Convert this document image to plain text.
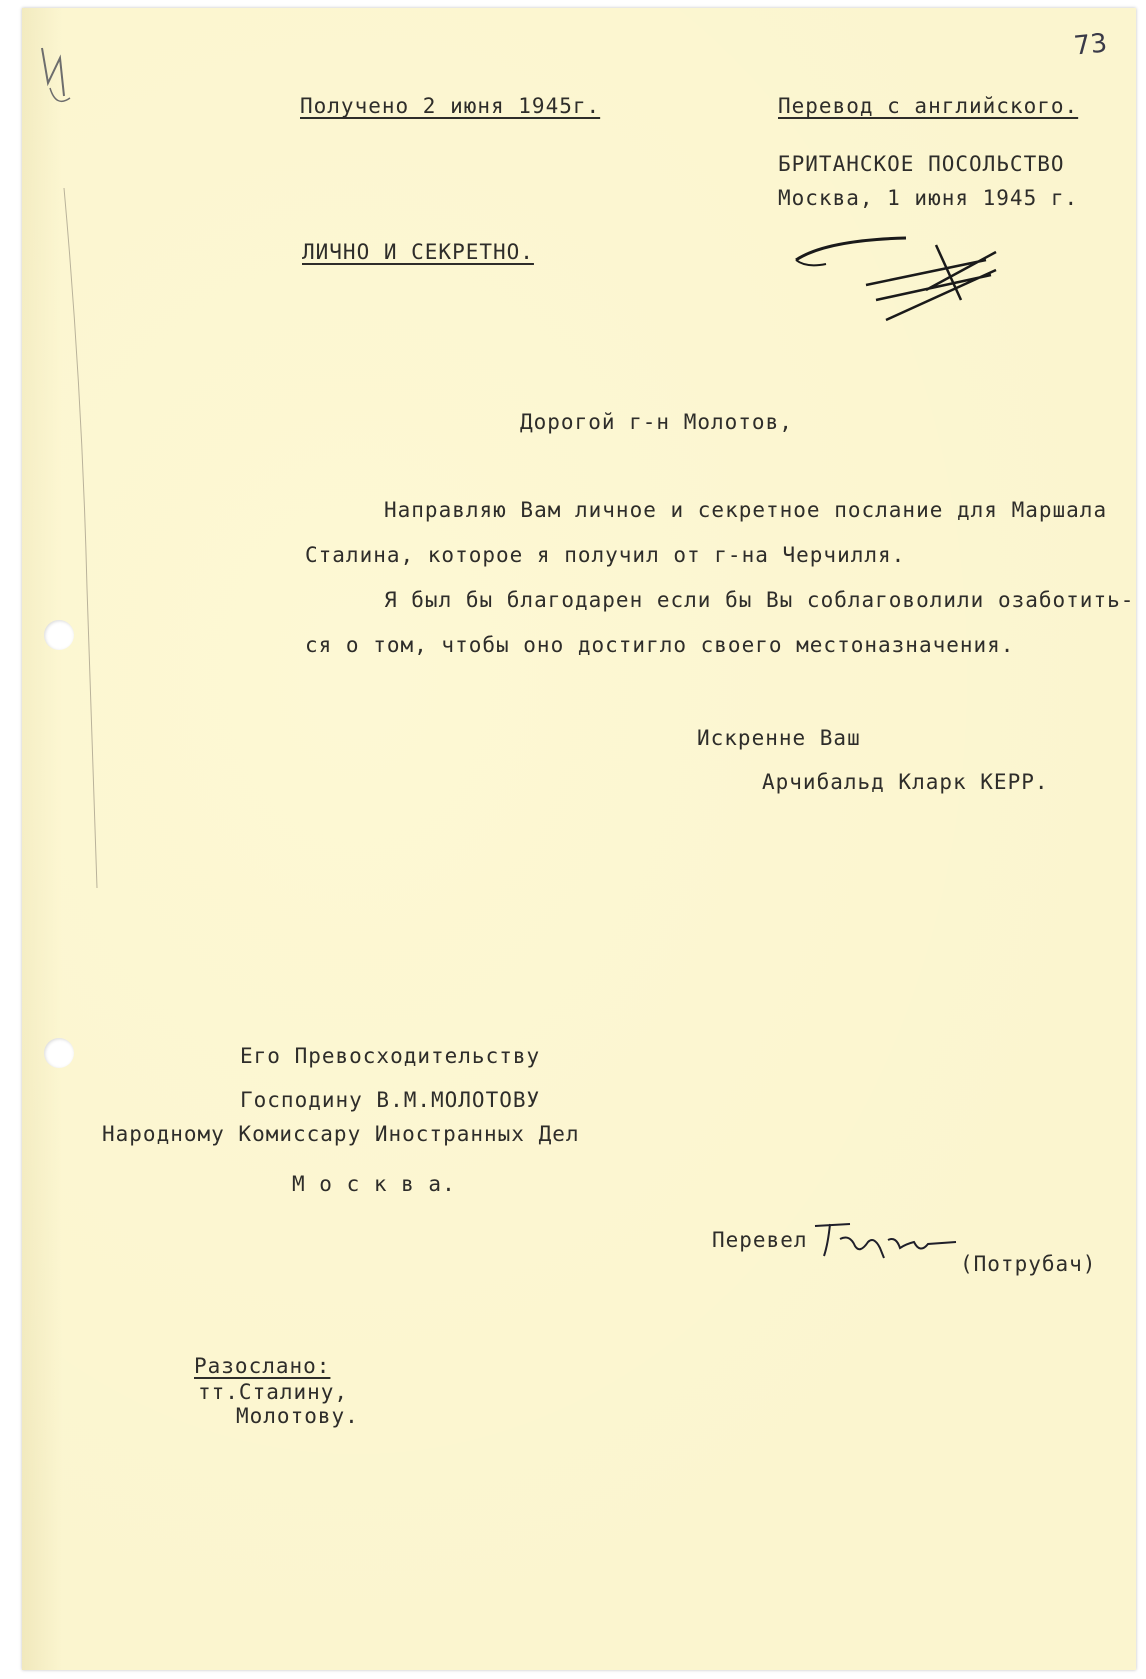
73
Получено 2 июня 1945г.	Перевод с английского.
БРИТАНСКОЕ ПОСОЛЬСТВО
Москва, 1 июня 1945 г.
ЛИЧНО И СЕКРЕТНО.
Дорогой г-н Молотов,
Направляю Вам личное и секретное послание для Маршала
Сталина, которое я получил от г-на Черчилля.
Я был бы благодарен если бы Вы соблаговолили озаботить-
ся о том, чтобы оно достигло своего местоназначения.
Искренне Ваш
Арчибальд Кларк КЕРР.
Его Превосходительству
Господину В.М.МОЛОТОВУ
Народному Комиссару Иностранных Дел
М о с к в а.
Перевел
(Потрубач)
Разослано:
тт.Сталину,
Молотову.
